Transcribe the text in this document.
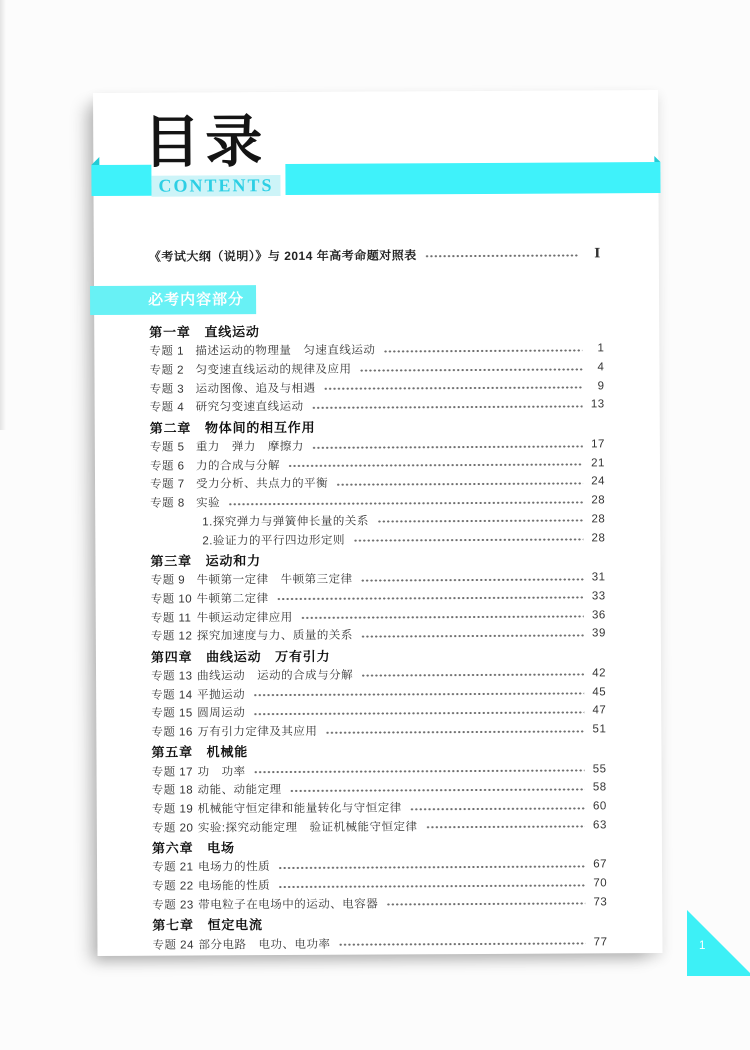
CONTENTS
目录
《考试大纲（说明）》与 2014 年高考命题对照表	Ⅰ
必考内容部分
第一章　直线运动
专题 1 描述运动的物理量　匀速直线运动	1
专题 2 匀变速直线运动的规律及应用	4
专题 3 运动图像、追及与相遇	9
专题 4 研究匀变速直线运动	13
第二章　物体间的相互作用
专题 5 重力　弹力　摩擦力	17
专题 6 力的合成与分解	21
专题 7 受力分析、共点力的平衡	24
专题 8 实验	28
1.探究弹力与弹簧伸长量的关系	28
2.验证力的平行四边形定则	28
第三章　运动和力
专题 9 牛顿第一定律　牛顿第三定律	31
专题 10 牛顿第二定律	33
专题 11 牛顿运动定律应用	36
专题 12 探究加速度与力、质量的关系	39
第四章　曲线运动　万有引力
专题 13 曲线运动　运动的合成与分解	42
专题 14 平抛运动	45
专题 15 圆周运动	47
专题 16 万有引力定律及其应用	51
第五章　机械能
专题 17 功　功率	55
专题 18 动能、动能定理	58
专题 19 机械能守恒定律和能量转化与守恒定律	60
专题 20 实验:探究动能定理　验证机械能守恒定律	63
第六章　电场
专题 21 电场力的性质	67
专题 22 电场能的性质	70
专题 23 带电粒子在电场中的运动、电容器	73
第七章　恒定电流
专题 24 部分电路　电功、电功率	77	1
